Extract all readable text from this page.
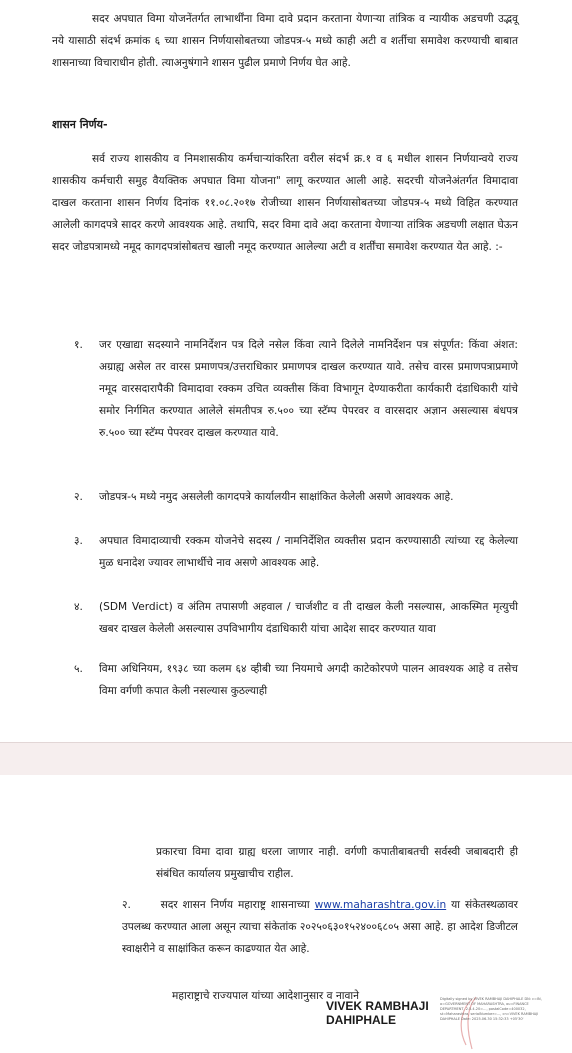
सदर अपघात विमा योजनेंतर्गत लाभार्थींना विमा दावे प्रदान करताना येणाऱ्या तांत्रिक व न्यायीक अडचणी उद्भवू नये यासाठी संदर्भ क्रमांक ६ च्या शासन निर्णयासोबतच्या जोडपत्र-५ मध्ये काही अटी व शर्तीचा समावेश करण्याची बाबात शासनाच्या विचाराधीन होती. त्याअनुषंगाने शासन पुढील प्रमाणे निर्णय घेत आहे.

शासन निर्णय-

सर्व राज्य शासकीय व निमशासकीय कर्मचाऱ्यांकरिता वरील संदर्भ क्र.१ व ६ मधील शासन निर्णयान्वये राज्य शासकीय कर्मचारी समुह वैयक्तिक अपघात विमा योजना" लागू करण्यात आली आहे. सदरची योजनेअंतर्गत विमादावा दाखल करताना शासन निर्णय दिनांक ११.०८.२०१७ रोजीच्या शासन निर्णयासोबतच्या जोडपत्र-५ मध्ये विहित करण्यात आलेली कागदपत्रे सादर करणे आवश्यक आहे. तथापि, सदर विमा दावे अदा करताना येणाऱ्या तांत्रिक अडचणी लक्षात घेऊन सदर जोडपत्रामध्ये नमूद कागदपत्रांसोबतच खाली नमूद करण्यात आलेल्या अटी व शर्तींचा समावेश करण्यात येत आहे. :-

१. जर एखाद्या सदस्याने नामनिर्देशन पत्र दिले नसेल किंवा त्याने दिलेले नामनिर्देशन पत्र संपूर्णत: किंवा अंशत: अग्राह्य असेल तर वारस प्रमाणपत्र/उत्तराधिकार प्रमाणपत्र दाखल करण्यात यावे. तसेच वारस प्रमाणपत्राप्रमाणे नमूद वारसदारापैकी विमादावा रक्कम उचित व्यक्तीस किंवा विभागून देण्याकरीता कार्यकारी दंडाधिकारी यांचे समोर निर्गमित करण्यात आलेले संमतीपत्र रु.५०० च्या स्टॅम्प पेपरवर व वारसदार अज्ञान असल्यास बंधपत्र रु.५०० च्या स्टॅम्प पेपरवर दाखल करण्यात यावे.

२. जोडपत्र-५ मध्ये नमुद असलेली कागदपत्रे कार्यालयीन साक्षांकित केलेली असणे आवश्यक आहे.

३. अपघात विमादाव्याची रक्कम योजनेचे सदस्य / नामनिर्देशित व्यक्तीस प्रदान करण्यासाठी त्यांच्या रद्द केलेल्या मुळ धनादेश ज्यावर लाभार्थीचे नाव असणे आवश्यक आहे.

४. (SDM Verdict) व अंतिम तपासणी अहवाल / चार्जशीट व ती दाखल केली नसल्यास, आकस्मित मृत्युची खबर दाखल केलेली असल्यास उपविभागीय दंडाधिकारी यांचा आदेश सादर करण्यात यावा

५. विमा अधिनियम, १९३८ च्या कलम ६४ व्हीबी च्या नियमाचे अगदी काटेकोरपणे पालन आवश्यक आहे व तसेच विमा वर्गणी कपात केली नसल्यास कुठल्याही

प्रकारचा विमा दावा ग्राह्य धरला जाणार नाही. वर्गणी कपातीबाबतची सर्वस्वी जबाबदारी ही संबंधित कार्यालय प्रमुखाचीच राहील.

२.	सदर शासन निर्णय महाराष्ट्र शासनाच्या www.maharashtra.gov.in या संकेतस्थळावर उपलब्ध करण्यात आला असून त्याचा संकेतांक २०२५०६३०१५२४००६८०५ असा आहे. हा आदेश डिजीटल स्वाक्षरीने व साक्षांकित करून काढण्यात येत आहे.

महाराष्ट्राचे राज्यपाल यांच्या आदेशानुसार व नावाने
VIVEK RAMBHAJI
DAHIPHALE
Digitally signed by VIVEK RAMBHAJI DAHIPHALE DN: c=IN, o=GOVERNMENT OF MAHARASHTRA, ou=FINANCE DEPARTMENT, 2.5.4.20=..., postalCode=400032, st=Maharashtra, serialNumber=..., cn=VIVEK RAMBHAJI DAHIPHALE Date: 2025.06.30 15:32:33 +05'30'
